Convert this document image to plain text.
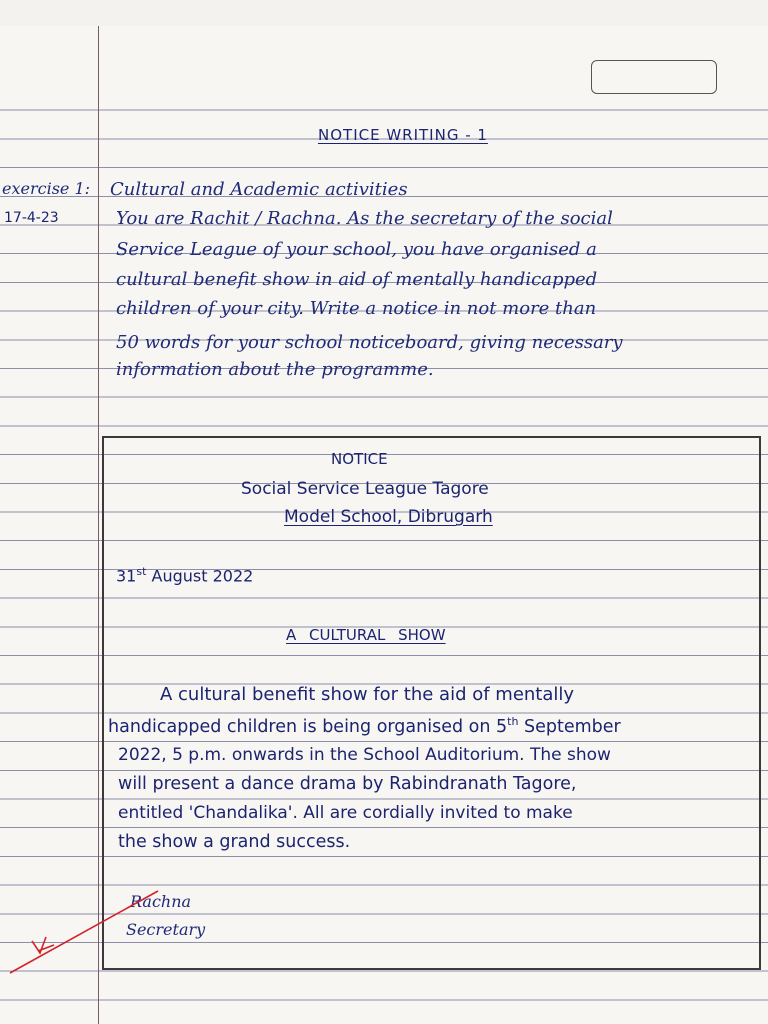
NOTICE WRITING - 1
exercise 1:
17-4-23
Cultural and Academic activities
You are Rachit / Rachna. As the secretary of the social
Service League of your school, you have organised a
cultural benefit show in aid of mentally handicapped
children of your city. Write a notice in not more than
50 words for your school noticeboard, giving necessary
information about the programme.
NOTICE
Social Service League Tagore
Model School, Dibrugarh
31st August 2022
A CULTURAL SHOW
A cultural benefit show for the aid of mentally
handicapped children is being organised on 5th September
2022, 5 p.m. onwards in the School Auditorium. The show
will present a dance drama by Rabindranath Tagore,
entitled 'Chandalika'. All are cordially invited to make
the show a grand success.
Rachna
Secretary
